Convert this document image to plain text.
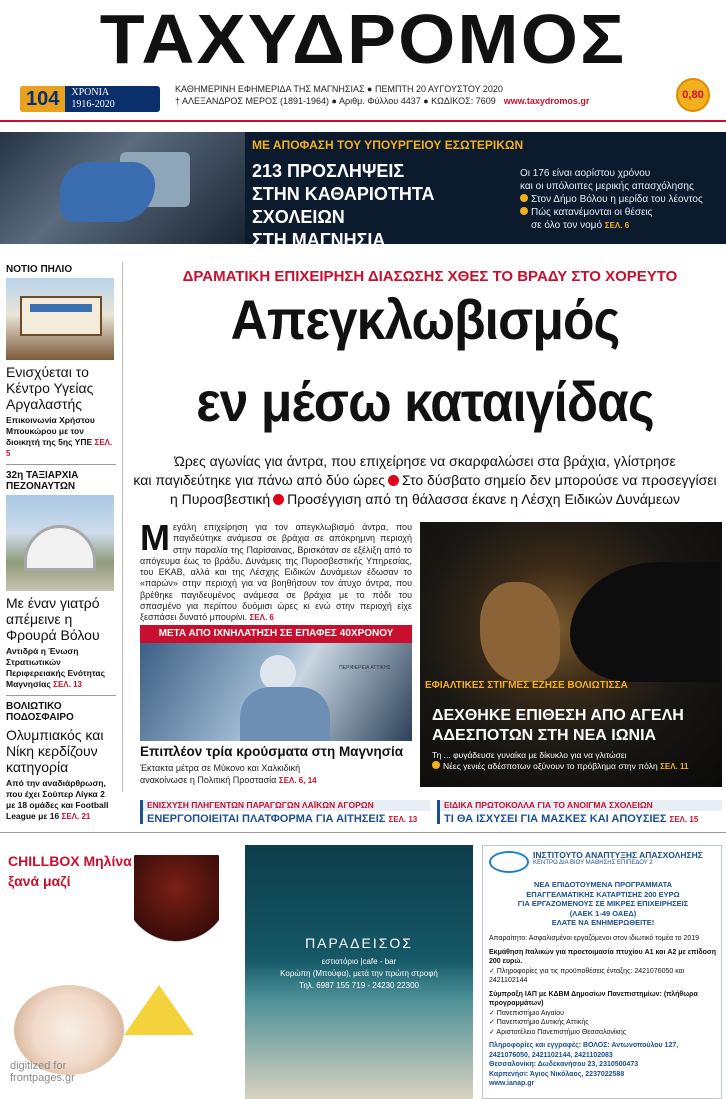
ΤΑΧΥΔΡΟΜΟΣ
104	ΧΡΟΝΙΑ
1916-2020
ΚΑΘΗΜΕΡΙΝΗ ΕΦΗΜΕΡΙΔΑ ΤΗΣ ΜΑΓΝΗΣΙΑΣ ● ΠΕΜΠΤΗ 20 ΑΥΓΟΥΣΤΟΥ 2020
† ΑΛΕΞΑΝΔΡΟΣ ΜΕΡΟΣ (1891-1964) ● Αριθμ. Φύλλου 4437 ● ΚΩΔΙΚΟΣ: 7609 www.taxydromos.gr	0,80
ΜΕ ΑΠΟΦΑΣΗ ΤΟΥ ΥΠΟΥΡΓΕΙΟΥ ΕΣΩΤΕΡΙΚΩΝ
213 ΠΡΟΣΛΗΨΕΙΣ
ΣΤΗΝ ΚΑΘΑΡΙΟΤΗΤΑ ΣΧΟΛΕΙΩΝ
ΣΤΗ ΜΑΓΝΗΣΙΑ
Οι 176 είναι αορίστου χρόνου
και οι υπόλοιπες μερικής απασχόλησης
Στον Δήμο Βόλου η μερίδα του λέοντος
Πώς κατανέμονται οι θέσεις
σε όλο τον νομό ΣΕΛ. 6
ΝΟΤΙΟ ΠΗΛΙΟ
Ενισχύεται το Κέντρο Υγείας Αργαλαστής
Επικοινωνία Χρήστου Μπουκώρου με τον διοικητή της 5ης ΥΠΕ ΣΕΛ. 5
32η ΤΑΞΙΑΡΧΙΑ ΠΕΖΟΝΑΥΤΩΝ
Με έναν γιατρό απέμεινε η Φρουρά Βόλου
Αντιδρά η Ένωση Στρατιωτικών Περιφερειακής Ενότητας Μαγνησίας ΣΕΛ. 13
ΒΟΛΙΩΤΙΚΟ ΠΟΔΟΣΦΑΙΡΟ
Ολυμπιακός και Νίκη κερδίζουν κατηγορία
Από την αναδιάρθρωση, που έχει Σούπερ Λίγκα 2 με 18 ομάδες και Football League με 16 ΣΕΛ. 21
ΔΡΑΜΑΤΙΚΗ ΕΠΙΧΕΙΡΗΣΗ ΔΙΑΣΩΣΗΣ ΧΘΕΣ ΤΟ ΒΡΑΔΥ ΣΤΟ ΧΟΡΕΥΤΟ
Απεγκλωβισμός
εν μέσω καταιγίδας
Ώρες αγωνίας για άντρα, που επιχείρησε να σκαρφαλώσει στα βράχια, γλίστρησε
και παγιδεύτηκε για πάνω από δύο ώρες Στο δύσβατο σημείο δεν μπορούσε να προσεγγίσει
η Πυροσβεστική Προσέγγιση από τη θάλασσα έκανε η Λέσχη Ειδικών Δυνάμεων
Μεγάλη επιχείρηση για τον απεγκλωβισμό άντρα, που παγιδεύτηκε ανάμεσα σε βράχια σε απόκρημνη περιοχή στην παραλία της Παρίσαινας, Βρισκόταν σε εξέλιξη από το απόγευμα έως το βράδυ. Δυνάμεις της Πυροσβεστικής Υπηρεσίας, του ΕΚΑΒ, αλλά και της Λέσχης Ειδικών Δυνάμεων έδωσαν το «παρών» στην περιοχή για να βοηθήσουν τον άτυχο άντρα, που βρέθηκε παγιδευμένος ανάμεσα σε βράχια με το πόδι του σπασμένο για περίπου δυόμισι ώρες κι ενώ στην περιοχή είχε ξεσπάσει δυνατό μπουρίνι. ΣΕΛ. 6
ΕΦΙΑΛΤΙΚΕΣ ΣΤΙΓΜΕΣ ΕΖΗΣΕ ΒΟΛΙΩΤΙΣΣΑ
ΔΕΧΘΗΚΕ ΕΠΙΘΕΣΗ ΑΠΟ ΑΓΕΛΗ
ΑΔΕΣΠΟΤΩΝ ΣΤΗ ΝΕΑ ΙΩΝΙΑ
Τη ... φυγάδευσε γυναίκα με δίκυκλο για να γλιτώσει
Νέες γενιές αδέσποτων οξύνουν το πρόβλημα στην πόλη ΣΕΛ. 11
ΜΕΤΑ ΑΠΟ ΙΧΝΗΛΑΤΗΣΗ ΣΕ ΕΠΑΦΕΣ 40ΧΡΟΝΟΥ
ΠΕΡΙΦΕΡΕΙΑ ΑΤΤΙΚΗΣ
Επιπλέον τρία κρούσματα στη Μαγνησία
Έκτακτα μέτρα σε Μύκονο και Χαλκιδική
ανακοίνωσε η Πολιτική Προστασία ΣΕΛ. 6, 14
ΕΝΙΣΧΥΣΗ ΠΛΗΓΕΝΤΩΝ ΠΑΡΑΓΩΓΩΝ ΛΑΪΚΩΝ ΑΓΟΡΩΝ
ΕΝΕΡΓΟΠΟΙΕΙΤΑΙ ΠΛΑΤΦΟΡΜΑ ΓΙΑ ΑΙΤΗΣΕΙΣ ΣΕΛ. 13
ΕΙΔΙΚΑ ΠΡΩΤΟΚΟΛΛΑ ΓΙΑ ΤΟ ΑΝΟΙΓΜΑ ΣΧΟΛΕΙΩΝ
ΤΙ ΘΑ ΙΣΧΥΣΕΙ ΓΙΑ ΜΑΣΚΕΣ ΚΑΙ ΑΠΟΥΣΙΕΣ ΣΕΛ. 15
CHILLBOX Μηλίνα
ξανά μαζί
digitized for frontpages.gr
ΠΑΡΑΔΕΙΣΟΣ
εστιατόριο |cafe - bar
Κορώπη (Μπούφα), μετά την πρώτη στροφή
Τηλ. 6987 155 719 - 24230 22300
ΙΝΣΤΙΤΟΥΤΟ ΑΝΑΠΤΥΞΗΣ ΑΠΑΣΧΟΛΗΣΗΣ
ΚΕΝΤΡΟ ΔΙΑ ΒΙΟΥ ΜΑΘΗΣΗΣ ΕΠΙΠΕΔΟΥ 2
ΝΕΑ ΕΠΙΔΟΤΟΥΜΕΝΑ ΠΡΟΓΡΑΜΜΑΤΑ
ΕΠΑΓΓΕΛΜΑΤΙΚΗΣ ΚΑΤΑΡΤΙΣΗΣ 200 ΕΥΡΩ
ΓΙΑ ΕΡΓΑΖΟΜΕΝΟΥΣ ΣΕ ΜΙΚΡΕΣ ΕΠΙΧΕΙΡΗΣΕΙΣ
(ΛΑΕΚ 1-49 ΟΑΕΔ)
ΕΛΑΤΕ ΝΑ ΕΝΗΜΕΡΩΘΕΙΤΕ!
Απαραίτητο: Ασφαλισμένοι εργαζόμενοι στον ιδιωτικό τομέα το 2019
Εκμάθηση Ιταλικών για προετοιμασία πτυχίου A1 και A2 με επίδοση 200 ευρώ.
✓ Πληροφορίες για τις προϋποθέσεις ένταξης: 2421076050 και 2421102144
Σύμπραξη ΙΑΠ με ΚΔΒΜ Δημοσίων Πανεπιστημίων: (πλήθωρα προγραμμάτων)
✓ Πανεπιστήμιο Αιγαίου
✓ Πανεπιστήμιο Δυτικής Αττικής
✓ Αριστοτέλειο Πανεπιστήμιο Θεσσαλονίκης
Πληροφορίες και εγγραφές: ΒΟΛΟΣ: Αντωνοπούλου 127,
2421076050, 2421102144, 2421102083
Θεσσαλονίκη: Δωδεκανήσου 23, 2310500473
Καρπενήσι: Άγιος Νικόλαος, 2237022588
www.ianap.gr
